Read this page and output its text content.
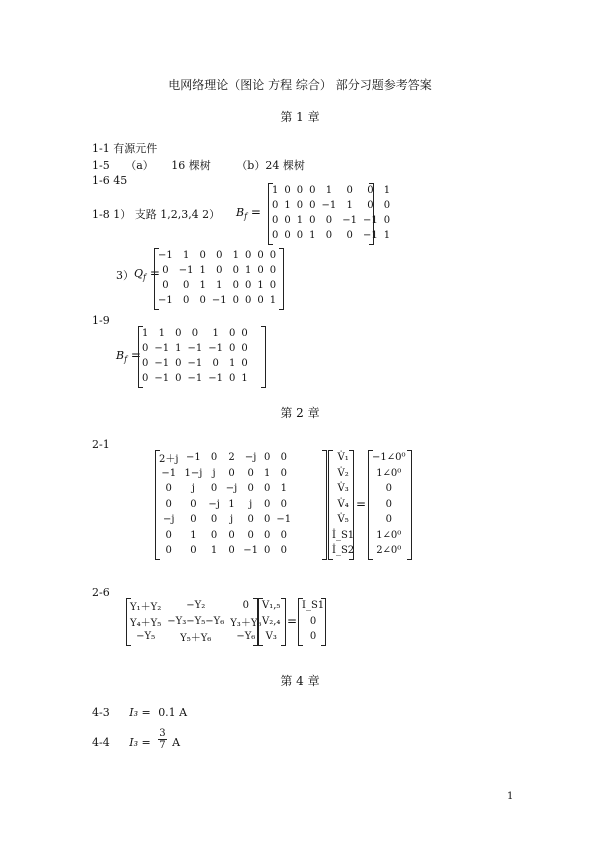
电网络理论（图论 方程 综合） 部分习题参考答案
第 1 章
1-1 有源元件
1-5 （a） 16 棵树 （b）24 棵树
1-6 45
1-8 1） 支路 1,2,3,4 2） $B_f$ =
1	0	0	0	1	0	0	1
0	1	0	0	−1	1	0	0
0	0	1	0	0	−1	−1	0
0	0	0	1	0	0	−1	1
3） $Q_f$ =
−1	1	0	0	1	0	0	0
0	−1	1	0	0	1	0	0
0	0	1	1	0	0	1	0
−1	0	0	−1	0	0	0	1
1-9
$B_f$ =
1	1	0	0	1	0	0
0	−1	1	−1	−1	0	0
0	−1	0	−1	0	1	0
0	−1	0	−1	−1	0	1
第 2 章
2-1
2＋j	−1	0	2	−j	0	0
−1	1−j	j	0	0	1	0
0	j	0	−j	0	0	1
0	0	−j	1	j	0	0
−j	0	0	j	0	0	−1
0	1	0	0	0	0	0
0	0	1	0	−1	0	0
V̇₁
V̇₂
V̇₃
V̇₄
V̇₅
İ_S1
İ_S2
=
−1∠0⁰
1∠0⁰
0
0
0
1∠0⁰
2∠0⁰
2-6
Y₁＋Y₂	−Y₂	0
Y₄＋Y₅	−Y₃−Y₅−Y₆	Y₃＋Y₆
−Y₅	Y₅＋Y₆	−Y₆
V₁,₅
V₂,₄
V₃
=
I_S1
0
0
第 4 章
4-3 I₃ = 0.1 A
4-4 $I_3 = \frac{3}{7}$ A
1
